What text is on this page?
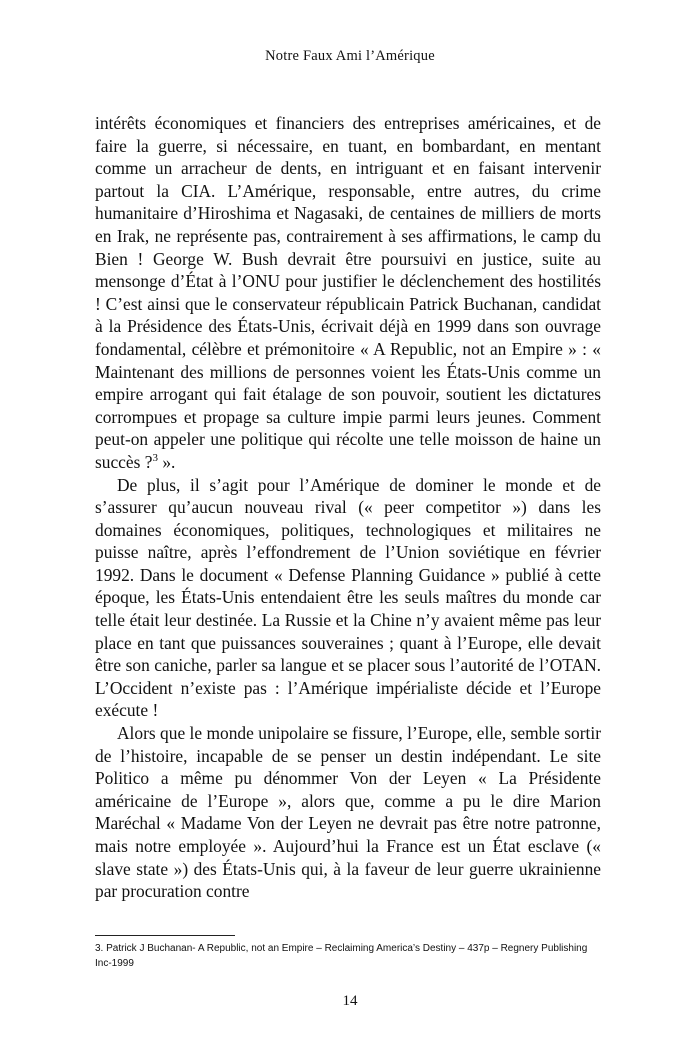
Notre Faux Ami l’Amérique

intérêts économiques et financiers des entreprises américaines, et de faire la guerre, si nécessaire, en tuant, en bombardant, en mentant comme un arracheur de dents, en intriguant et en faisant intervenir partout la CIA. L’Amérique, responsable, entre autres, du crime humanitaire d’Hiroshima et Nagasaki, de centaines de milliers de morts en Irak, ne représente pas, contrairement à ses affirmations, le camp du Bien ! George W. Bush devrait être poursuivi en justice, suite au mensonge d’État à l’ONU pour justifier le déclenchement des hostilités ! C’est ainsi que le conservateur républicain Patrick Buchanan, candidat à la Présidence des États-Unis, écrivait déjà en 1999 dans son ouvrage fondamental, célèbre et prémonitoire « A Republic, not an Empire » : « Maintenant des millions de personnes voient les États-Unis comme un empire arrogant qui fait étalage de son pouvoir, soutient les dictatures corrompues et propage sa culture impie parmi leurs jeunes. Comment peut-on appeler une politique qui récolte une telle moisson de haine un succès ?$^3$ ».

De plus, il s’agit pour l’Amérique de dominer le monde et de s’assurer qu’aucun nouveau rival (« peer competitor ») dans les domaines économiques, politiques, technologiques et militaires ne puisse naître, après l’effondrement de l’Union soviétique en février 1992. Dans le document « Defense Planning Guidance » publié à cette époque, les États-Unis entendaient être les seuls maîtres du monde car telle était leur destinée. La Russie et la Chine n’y avaient même pas leur place en tant que puissances souveraines ; quant à l’Europe, elle devait être son caniche, parler sa langue et se placer sous l’autorité de l’OTAN. L’Occident n’existe pas : l’Amérique impérialiste décide et l’Europe exécute !

Alors que le monde unipolaire se fissure, l’Europe, elle, semble sortir de l’histoire, incapable de se penser un destin indépendant. Le site Politico a même pu dénommer Von der Leyen « La Présidente américaine de l’Europe », alors que, comme a pu le dire Marion Maréchal « Madame Von der Leyen ne devrait pas être notre patronne, mais notre employée ». Aujourd’hui la France est un État esclave (« slave state ») des États-Unis qui, à la faveur de leur guerre ukrainienne par procuration contre

3. Patrick J Buchanan- A Republic, not an Empire – Reclaiming America’s Destiny – 437p – Regnery Publishing Inc-1999
14
